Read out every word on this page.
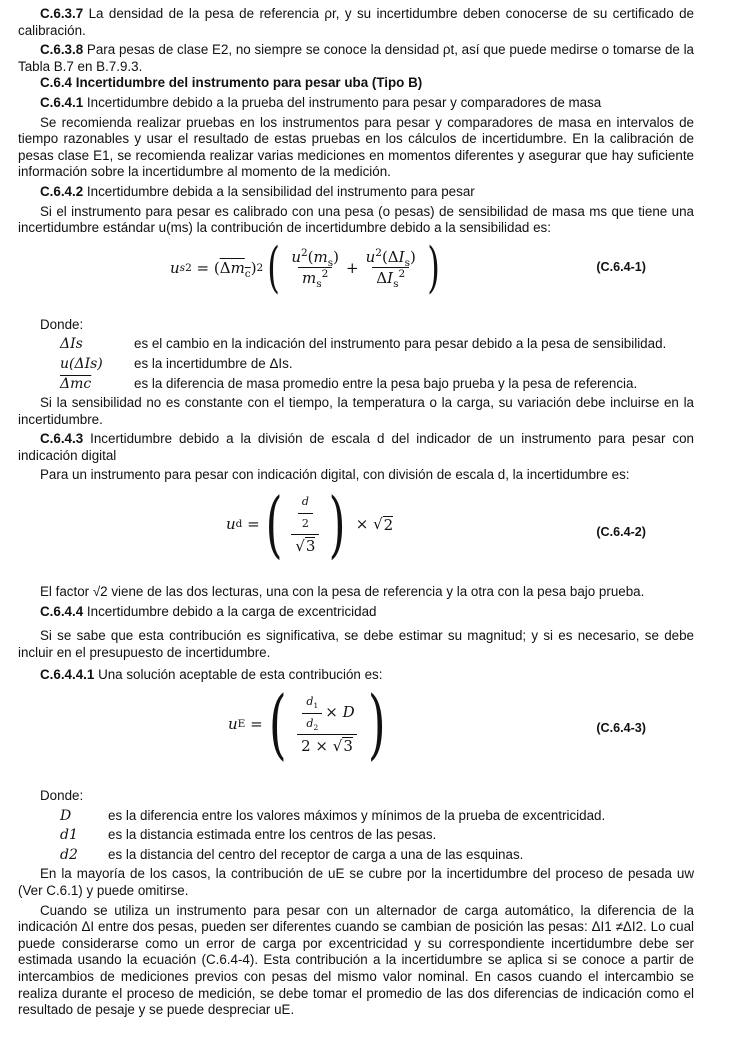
C.6.3.7 La densidad de la pesa de referencia ρr, y su incertidumbre deben conocerse de su certificado de calibración.

C.6.3.8 Para pesas de clase E2, no siempre se conoce la densidad ρt, así que puede medirse o tomarse de la Tabla B.7 en B.7.9.3.

C.6.4 Incertidumbre del instrumento para pesar uba (Tipo B)

C.6.4.1 Incertidumbre debido a la prueba del instrumento para pesar y comparadores de masa

Se recomienda realizar pruebas en los instrumentos para pesar y comparadores de masa en intervalos de tiempo razonables y usar el resultado de estas pruebas en los cálculos de incertidumbre. En la calibración de pesas clase E1, se recomienda realizar varias mediciones en momentos diferentes y asegurar que hay suficiente información sobre la incertidumbre al momento de la medición.

C.6.4.2 Incertidumbre debida a la sensibilidad del instrumento para pesar

Si el instrumento para pesar es calibrado con una pesa (o pesas) de sensibilidad de masa ms que tiene una incertidumbre estándar u(ms) la contribución de incertidumbre debido a la sensibilidad es:

u s 2 = ( $\Delta m_c$ ) 2 ( $\frac{u^2(m_s)}{m_s^2} + \frac{u^2(\Delta I_s)}{\Delta I_s^2}$ )	(C.6.4-1)

Donde:

ΔIs	es el cambio en la indicación del instrumento para pesar debido a la pesa de sensibilidad.
u(ΔIs)	es la incertidumbre de ΔIs.
$\overline{\Delta mc}$	es la diferencia de masa promedio entre la pesa bajo prueba y la pesa de referencia.

Si la sensibilidad no es constante con el tiempo, la temperatura o la carga, su variación debe incluirse en la incertidumbre.

C.6.4.3 Incertidumbre debido a la división de escala d del indicador de un instrumento para pesar con indicación digital

Para un instrumento para pesar con indicación digital, con división de escala d, la incertidumbre es:

u d = ( $\frac{\frac{d}{2}}{√3}$ ) × √ 2	(C.6.4-2)

El factor √2 viene de las dos lecturas, una con la pesa de referencia y la otra con la pesa bajo prueba.

C.6.4.4 Incertidumbre debido a la carga de excentricidad

Si se sabe que esta contribución es significativa, se debe estimar su magnitud; y si es necesario, se debe incluir en el presupuesto de incertidumbre.

C.6.4.4.1 Una solución aceptable de esta contribución es:

u E = ( $\frac{\frac{d_1}{d_2} \times D}{2 \times √3}$ )	(C.6.4-3)

Donde:

D	es la diferencia entre los valores máximos y mínimos de la prueba de excentricidad.
d1	es la distancia estimada entre los centros de las pesas.
d2	es la distancia del centro del receptor de carga a una de las esquinas.

En la mayoría de los casos, la contribución de uE se cubre por la incertidumbre del proceso de pesada uw (Ver C.6.1) y puede omitirse.

Cuando se utiliza un instrumento para pesar con un alternador de carga automático, la diferencia de la indicación ΔI entre dos pesas, pueden ser diferentes cuando se cambian de posición las pesas: ΔI1 ≠ΔI2. Lo cual puede considerarse como un error de carga por excentricidad y su correspondiente incertidumbre debe ser estimada usando la ecuación (C.6.4-4). Esta contribución a la incertidumbre se aplica si se conoce a partir de intercambios de mediciones previos con pesas del mismo valor nominal. En casos cuando el intercambio se realiza durante el proceso de medición, se debe tomar el promedio de las dos diferencias de indicación como el resultado de pesaje y se puede despreciar uE.
